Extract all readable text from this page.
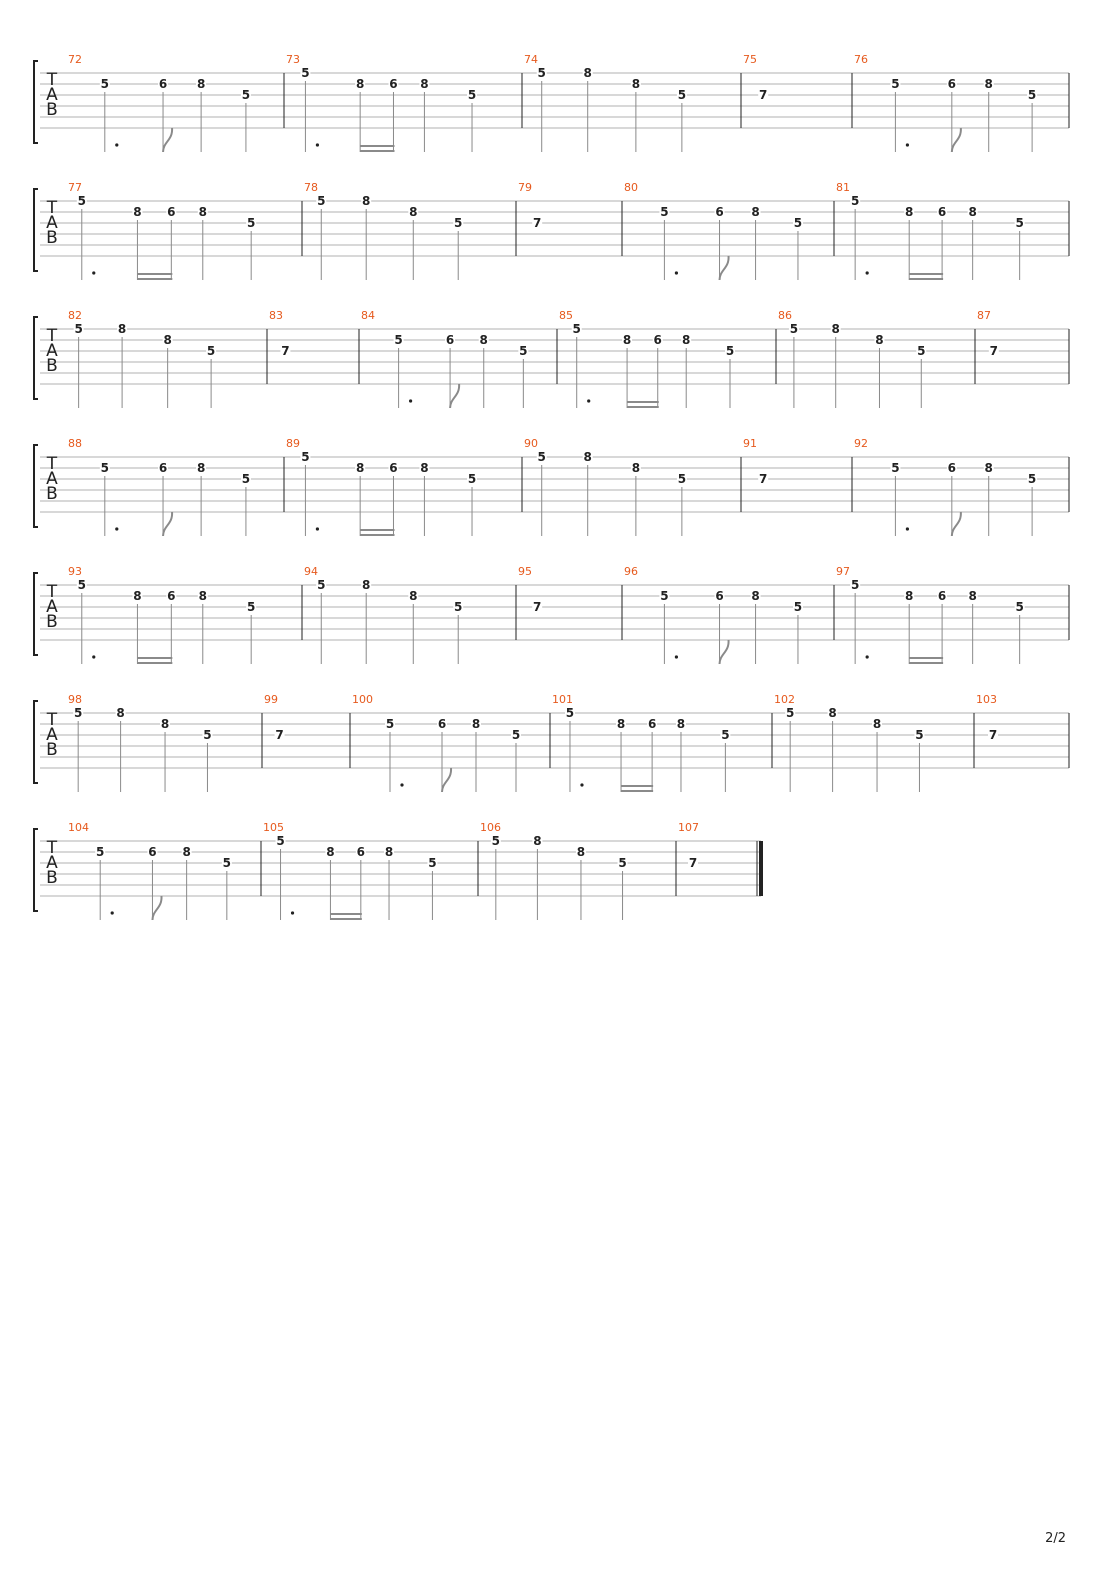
T
A
B
72
5	6 8
5
73
5
8 6 8
5
74
5	8
8
5
75
7
76
5	6 8
5
T
A
B
77
5
8 6 8
5
78
5	8
8
5
79
7
80
5	6 8
5
81
5
8 6 8
5
T
A
B
82
5	8
8
5
83
7
84
5	6 8
5
85
5
8 6 8
5
86
5	8
8
5
87
7
T
A
B
88
5	6 8
5
89
5
8 6 8
5
90
5	8
8
5
91
7
92
5	6 8
5
T
A
B
93
5
8 6 8
5
94
5	8
8
5
95
7
96
5	6 8
5
97
5
8 6 8
5
T
A
B
98
5	8
8
5
99
7
100
5	6 8
5
101
5
8 6 8
5
102
5	8
8
5
103
7
T
A
B
104
5	6 8
5
105
5
8 6 8
5
106
5	8
8
5
107
7
2/2
